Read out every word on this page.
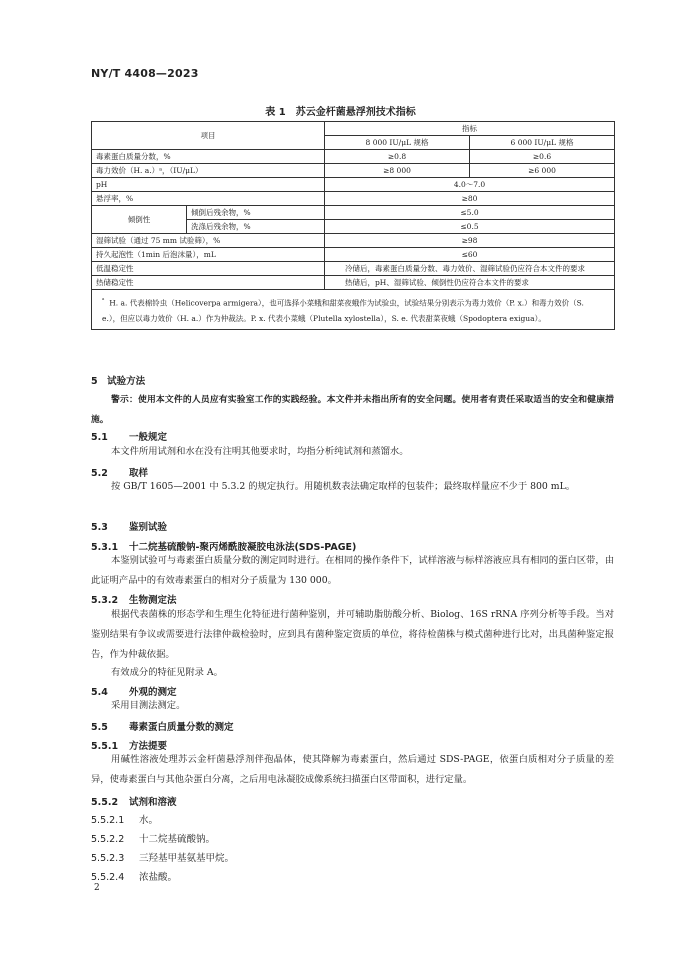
NY/T 4408—2023
表 1　苏云金杆菌悬浮剂技术指标
项目		指标	
		8 000 IU/μL 规格	6 000 IU/μL 规格
毒素蛋白质量分数，%		≥0.8	≥0.6
毒力效价（H. a.）ᵃ，（IU/μL）		≥8 000	≥6 000
pH		4.0～7.0	
悬浮率，%		≥80	
倾倒性	倾倒后残余物，%	≤5.0	
	洗涤后残余物，%	≤0.5	
湿筛试验（通过 75 mm 试验筛），%		≥98	
持久起泡性（1min 后泡沫量），mL		≤60	
低温稳定性		冷储后，毒素蛋白质量分数、毒力效价、湿筛试验仍应符合本文件的要求	
热储稳定性		热储后，pH、湿筛试验、倾倒性仍应符合本文件的要求	
$^ᵃ$ H. a. 代表棉铃虫（Helicoverpa armigera），也可选择小菜蛾和甜菜夜蛾作为试验虫，试验结果分别表示为毒力效价（P. x.）和毒力效价（S. e.），但应以毒力效价（H. a.）作为仲裁法。P. x. 代表小菜蛾（Plutella xylostella），S. e. 代表甜菜夜蛾（Spodoptera exigua）。			
5　试验方法
警示：使用本文件的人员应有实验室工作的实践经验。本文件并未指出所有的安全问题。使用者有责任采取适当的安全和健康措施。
5.1 一般规定
本文件所用试剂和水在没有注明其他要求时，均指分析纯试剂和蒸馏水。
5.2 取样
按 GB/T 1605—2001 中 5.3.2 的规定执行。用随机数表法确定取样的包装件；最终取样量应不少于 800 mL。
5.3 鉴别试验
5.3.1 十二烷基硫酸钠-聚丙烯酰胺凝胶电泳法(SDS-PAGE)
本鉴别试验可与毒素蛋白质量分数的测定同时进行。在相同的操作条件下，试样溶液与标样溶液应具有相同的蛋白区带，由此证明产品中的有效毒素蛋白的相对分子质量为 130 000。
5.3.2 生物测定法
根据代表菌株的形态学和生理生化特征进行菌种鉴别，并可辅助脂肪酸分析、Biolog、16S rRNA 序列分析等手段。当对鉴别结果有争议或需要进行法律仲裁检验时，应到具有菌种鉴定资质的单位，将待检菌株与模式菌种进行比对，出具菌种鉴定报告，作为仲裁依据。
有效成分的特征见附录 A。
5.4 外观的测定
采用目测法测定。
5.5 毒素蛋白质量分数的测定
5.5.1 方法提要
用碱性溶液处理苏云金杆菌悬浮剂伴孢晶体，使其降解为毒素蛋白，然后通过 SDS-PAGE，依蛋白质相对分子质量的差异，使毒素蛋白与其他杂蛋白分离，之后用电泳凝胶成像系统扫描蛋白区带面积，进行定量。
5.5.2 试剂和溶液
5.5.2.1 水。
5.5.2.2 十二烷基硫酸钠。
5.5.2.3 三羟基甲基氨基甲烷。
5.5.2.4 浓盐酸。
2
